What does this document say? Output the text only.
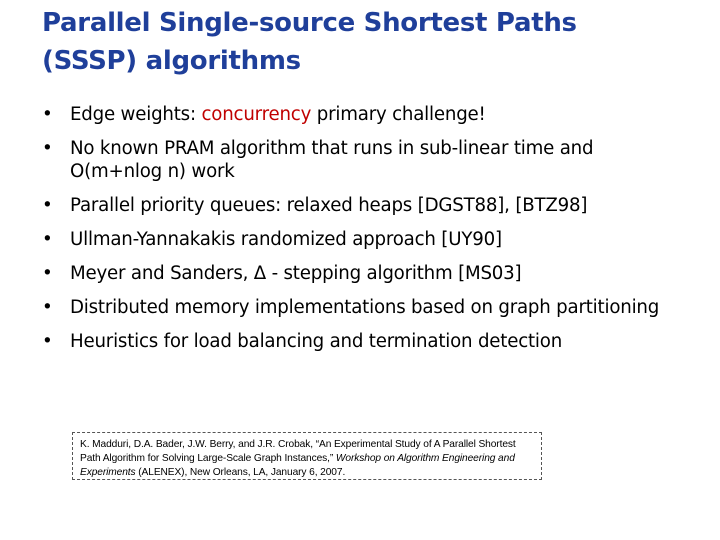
Parallel Single-source Shortest Paths
(SSSP) algorithms
• Edge weights: concurrency primary challenge!
• No known PRAM algorithm that runs in sub-linear time and O(m+nlog n) work
• Parallel priority queues: relaxed heaps [DGST88], [BTZ98]
• Ullman-Yannakakis randomized approach [UY90]
• Meyer and Sanders, Δ - stepping algorithm [MS03]
• Distributed memory implementations based on graph partitioning
• Heuristics for load balancing and termination detection
K. Madduri, D.A. Bader, J.W. Berry, and J.R. Crobak, “An Experimental Study of A Parallel Shortest Path Algorithm for Solving Large-Scale Graph Instances,” Workshop on Algorithm Engineering and Experiments (ALENEX), New Orleans, LA, January 6, 2007.
